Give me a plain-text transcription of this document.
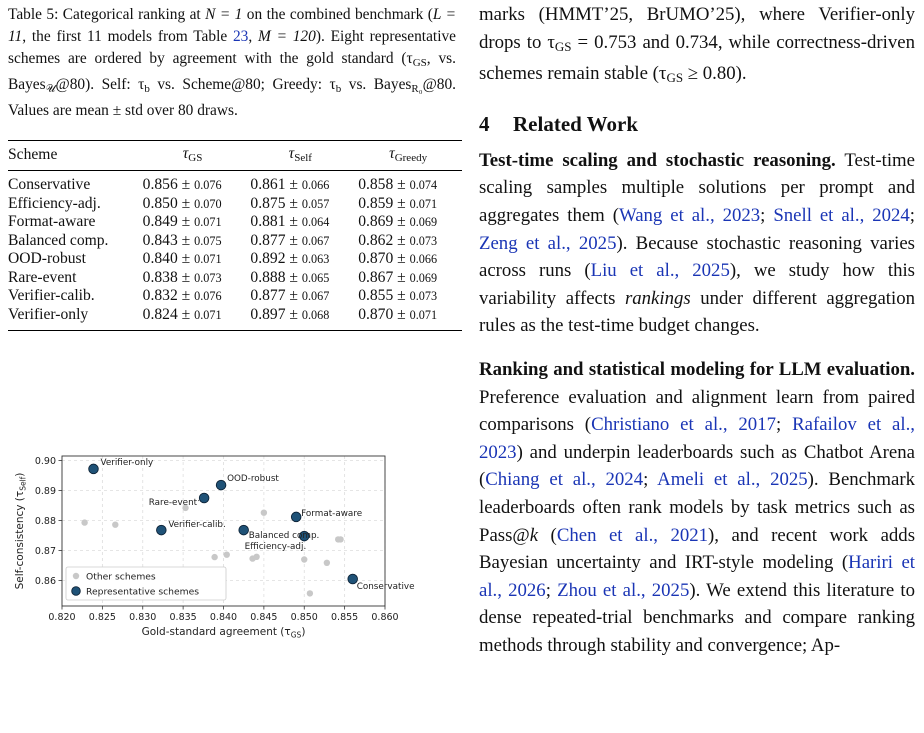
Table 5: Categorical ranking at N = 1 on the combined benchmark (L = 11, the first 11 models from Table 23, M = 120). Eight representative schemes are ordered by agreement with the gold standard ($\tau_{GS}$, vs. Bayes$_𝒰$@80). Self: $\tau_b$ vs. Scheme@80; Greedy: $\tau_b$ vs. Bayes$_{R_0}$@80. Values are mean ± std over 80 draws.
Scheme	$\tau_{GS}$	$\tau_{Self}$	$\tau_{Greedy}$
Conservative	0.856 ± 0.076	0.861 ± 0.066	0.858 ± 0.074
Efficiency-adj.	0.850 ± 0.070	0.875 ± 0.057	0.859 ± 0.071
Format-aware	0.849 ± 0.071	0.881 ± 0.064	0.869 ± 0.069
Balanced comp.	0.843 ± 0.075	0.877 ± 0.067	0.862 ± 0.073
OOD-robust	0.840 ± 0.071	0.892 ± 0.063	0.870 ± 0.066
Rare-event	0.838 ± 0.073	0.888 ± 0.065	0.867 ± 0.069
Verifier-calib.	0.832 ± 0.076	0.877 ± 0.067	0.855 ± 0.073
Verifier-only	0.824 ± 0.071	0.897 ± 0.068	0.870 ± 0.071
0.820 0.825 0.830 0.835 0.840 0.845 0.850 0.855 0.860
0.86
0.87
0.88
0.89
0.90
Gold-standard agreement $(\tau_{GS})$
Self-consistency $(\tau_{Self})$
Conservative
Efficiency-adj.
Format-aware
Balanced comp.
OOD-robust
Rare-event
Verifier-calib.
Verifier-only
Other schemes
Representative schemes
marks (HMMT’25, BrUMO’25), where Verifier-only drops to $\tau_{GS} = 0.753$ and 0.734, while correctness-driven schemes remain stable $(\tau_{GS} \ge 0.80)$.
4 Related Work
Test-time scaling and stochastic reasoning. Test-time scaling samples multiple solutions per prompt and aggregates them (Wang et al., 2023; Snell et al., 2024; Zeng et al., 2025). Because stochastic reasoning varies across runs (Liu et al., 2025), we study how this variability affects rankings under different aggregation rules as the test-time budget changes.
Ranking and statistical modeling for LLM evaluation. Preference evaluation and alignment learn from paired comparisons (Christiano et al., 2017; Rafailov et al., 2023) and underpin leaderboards such as Chatbot Arena (Chiang et al., 2024; Ameli et al., 2025). Benchmark leaderboards often rank models by task metrics such as Pass@k (Chen et al., 2021), and recent work adds Bayesian uncertainty and IRT-style modeling (Hariri et al., 2026; Zhou et al., 2025). We extend this literature to dense repeated-trial benchmarks and compare ranking methods through stability and convergence; Ap-
